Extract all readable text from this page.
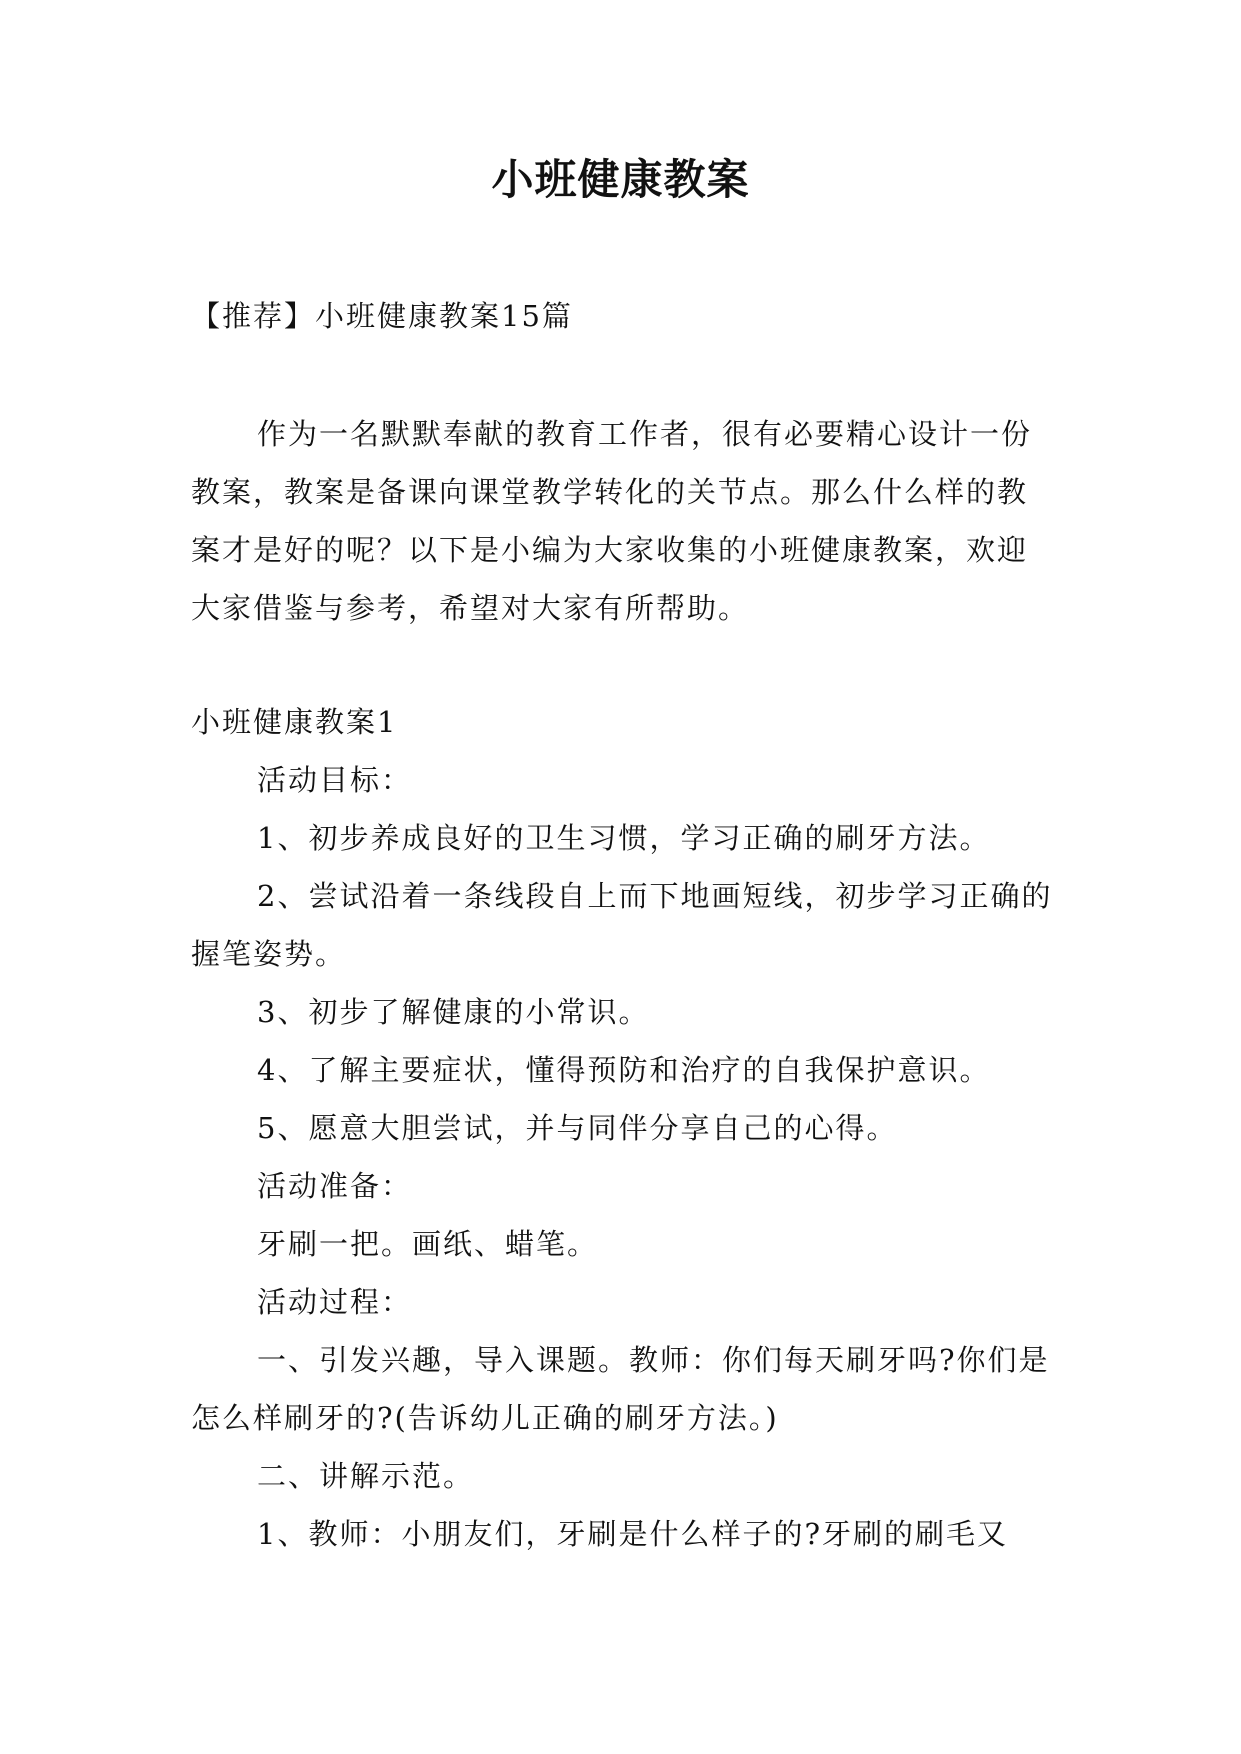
小班健康教案

【推荐】小班健康教案15篇

作为一名默默奉献的教育工作者，很有必要精心设计一份教案，教案是备课向课堂教学转化的关节点。那么什么样的教案才是好的呢？以下是小编为大家收集的小班健康教案，欢迎大家借鉴与参考，希望对大家有所帮助。

小班健康教案1

活动目标：

1、初步养成良好的卫生习惯，学习正确的刷牙方法。

2、尝试沿着一条线段自上而下地画短线，初步学习正确的握笔姿势。

3、初步了解健康的小常识。

4、了解主要症状，懂得预防和治疗的自我保护意识。

5、愿意大胆尝试，并与同伴分享自己的心得。

活动准备：

牙刷一把。画纸、蜡笔。

活动过程：

一、引发兴趣，导入课题。教师：你们每天刷牙吗?你们是怎么样刷牙的?(告诉幼儿正确的刷牙方法。)

二、讲解示范。

1、教师：小朋友们，牙刷是什么样子的?牙刷的刷毛又
